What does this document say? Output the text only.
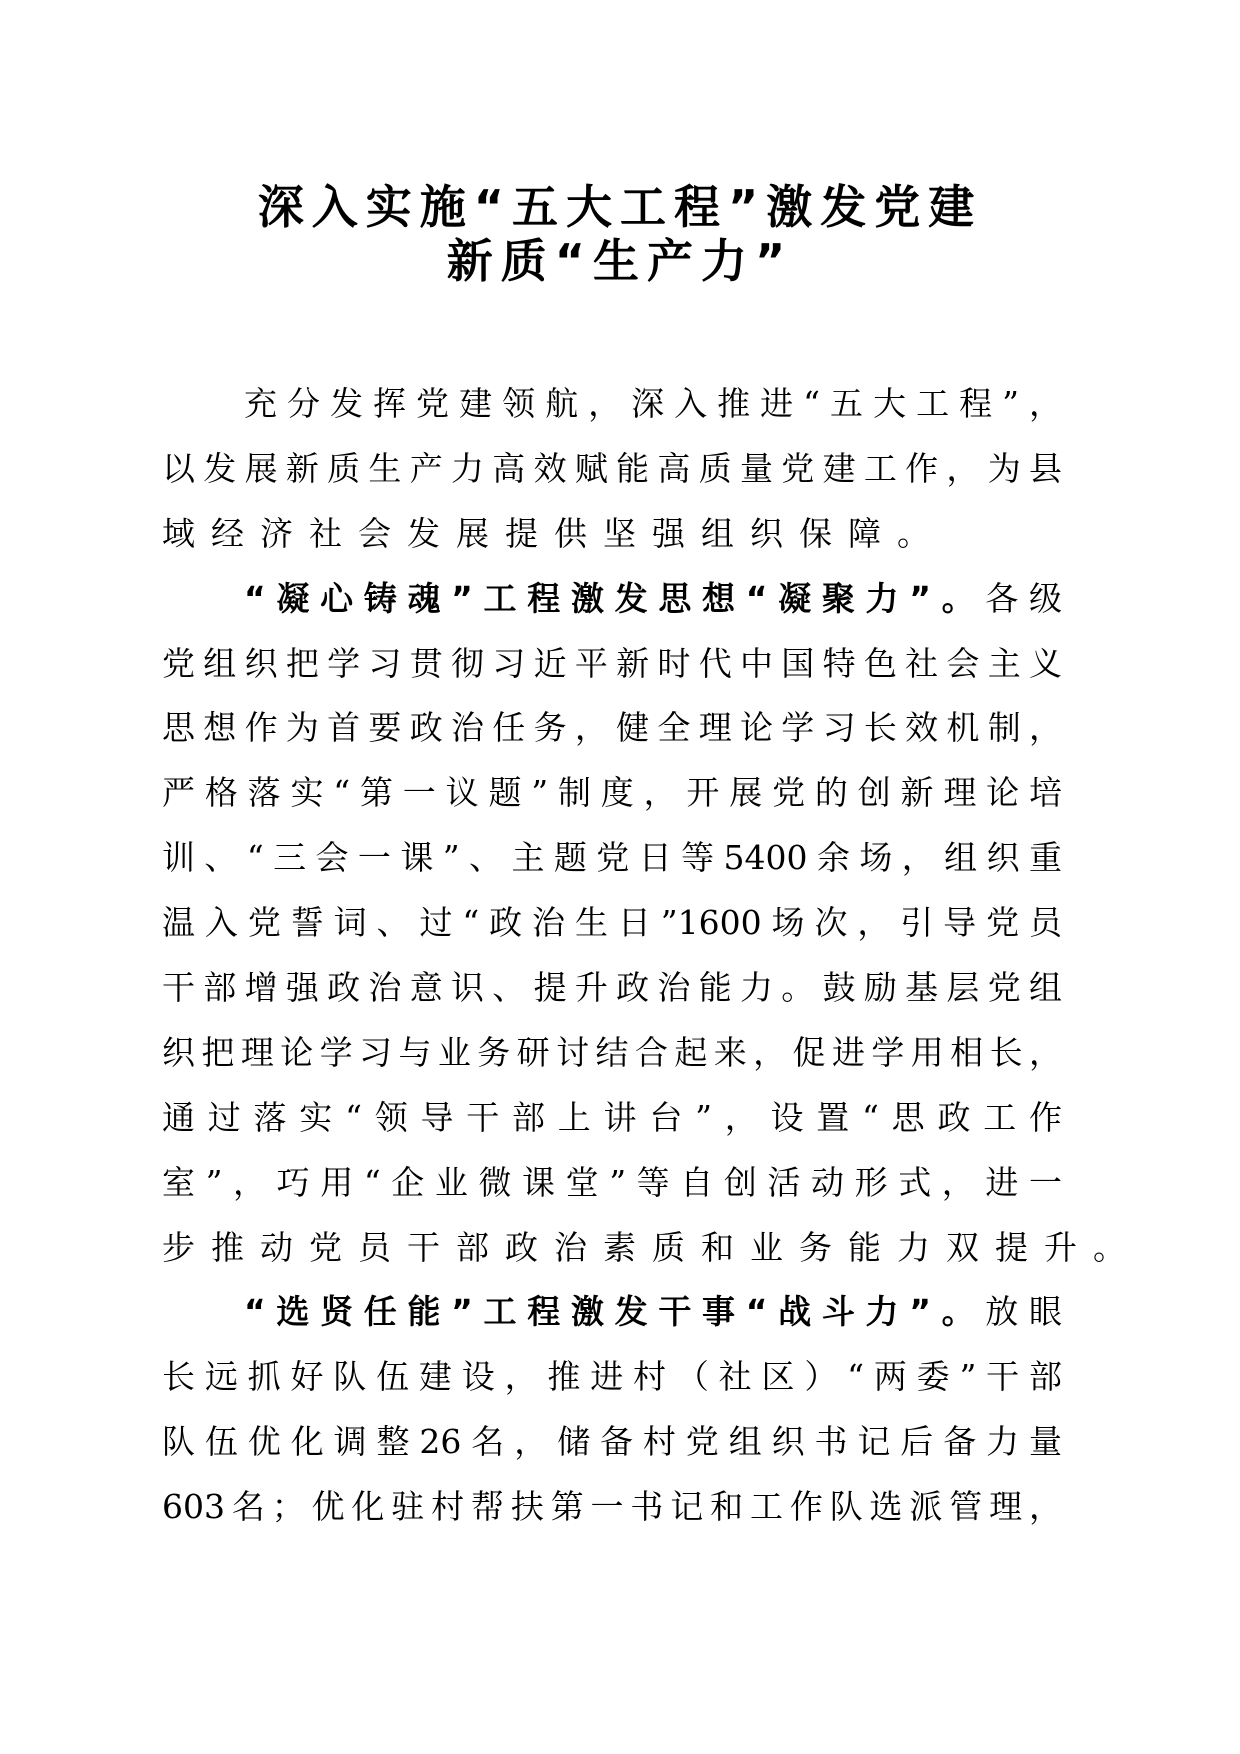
深入实施“五大工程”激发党建
新质“生产力”
充分发挥党建领航，深入推进“五大工程”，
以发展新质生产力高效赋能高质量党建工作，为县
域经济社会发展提供坚强组织保障。
“凝心铸魂”工程激发思想“凝聚力”。各级
党组织把学习贯彻习近平新时代中国特色社会主义
思想作为首要政治任务，健全理论学习长效机制，
严格落实“第一议题”制度，开展党的创新理论培
训、“三会一课”、主题党日等5400余场，组织重
温入党誓词、过“政治生日”1600场次，引导党员
干部增强政治意识、提升政治能力。鼓励基层党组
织把理论学习与业务研讨结合起来，促进学用相长，
通过落实“领导干部上讲台”，设置“思政工作
室”，巧用“企业微课堂”等自创活动形式，进一
步推动党员干部政治素质和业务能力双提升。
“选贤任能”工程激发干事“战斗力”。放眼
长远抓好队伍建设，推进村（社区）“两委”干部
队伍优化调整26名，储备村党组织书记后备力量
603名；优化驻村帮扶第一书记和工作队选派管理，
